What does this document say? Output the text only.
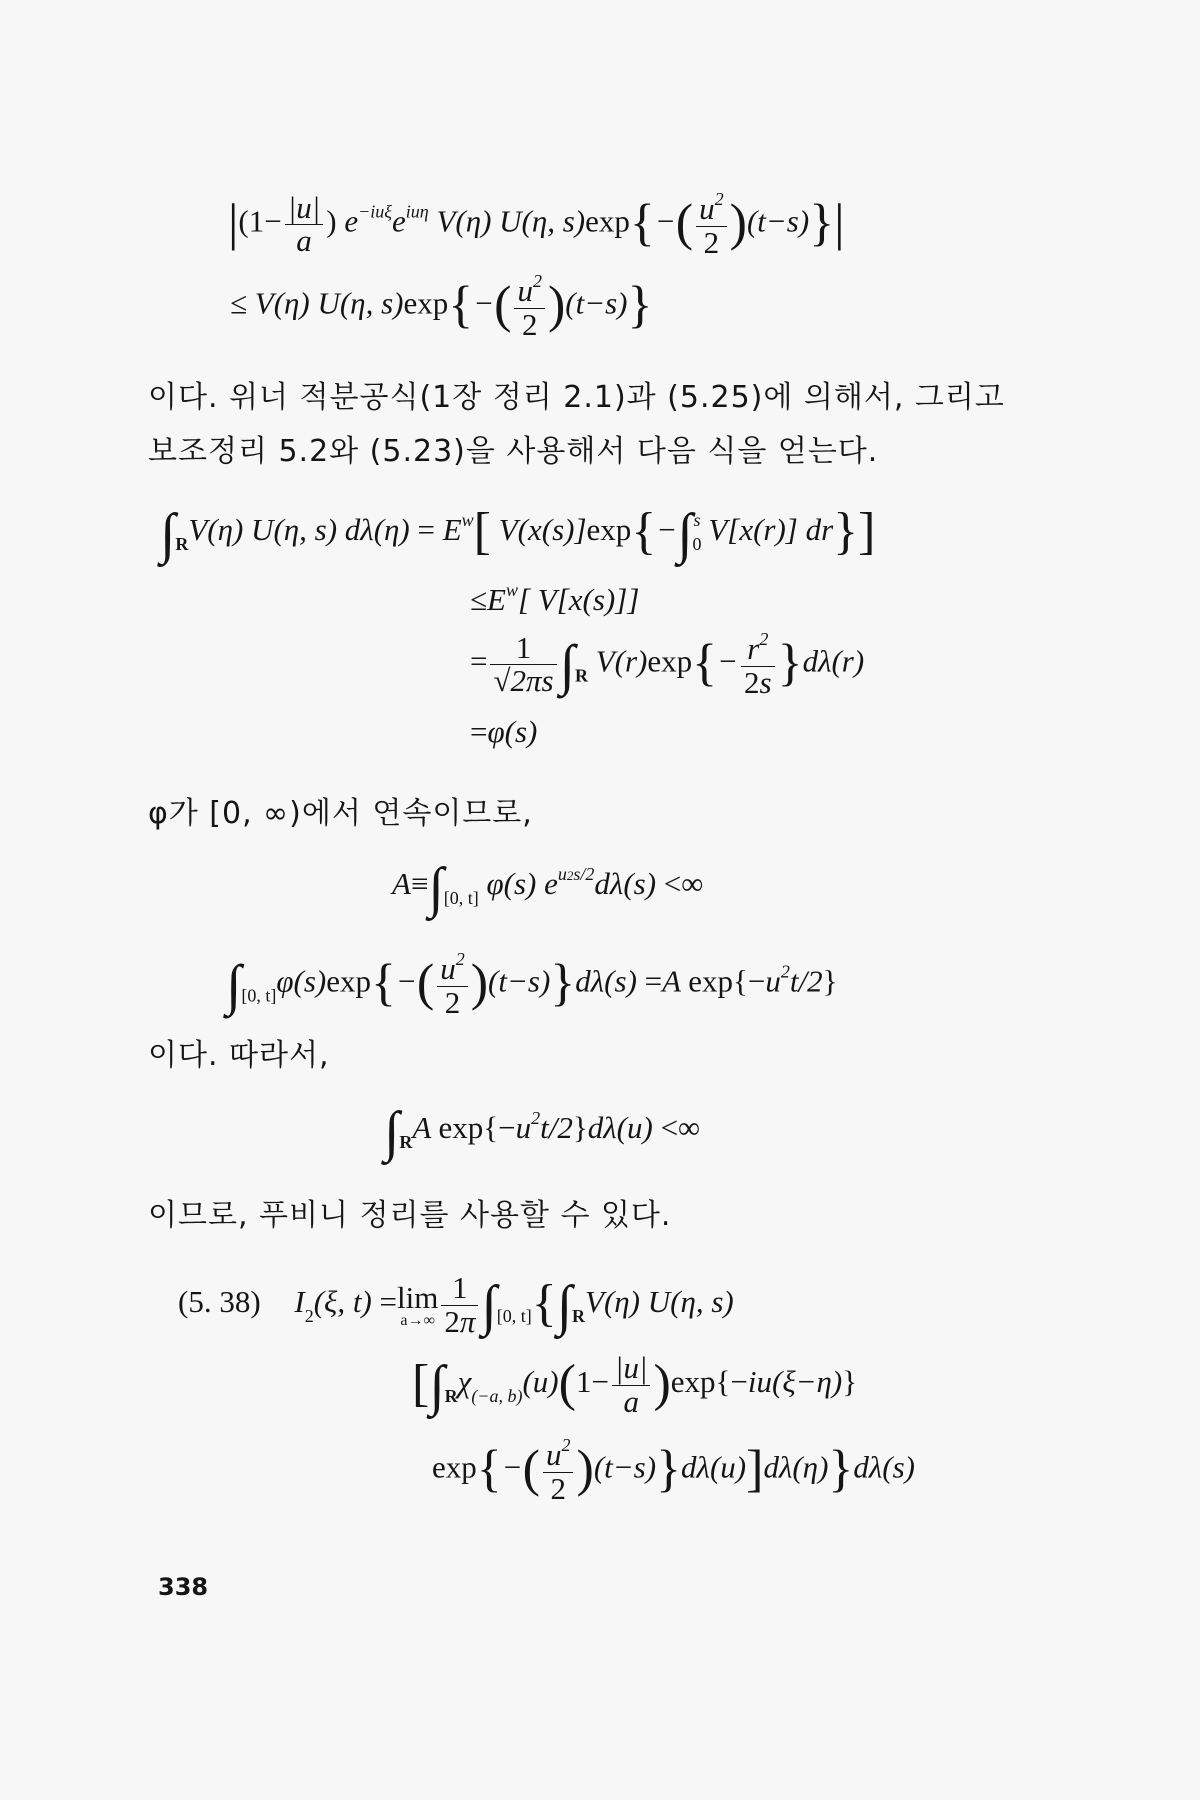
$|(1- \frac{|u|}{a}$ ) $e^{-iu\xi}e^{iu\eta}$ V(η) U(η, $s)\exp\{-( \frac{u^2}{2} )(t-s)\}|$
≤ V(η) U(η, $s)\exp\{-( \frac{u^2}{2} )(t-s)\}$
이다. 위너 적분공식(1장 정리 2.1)과 (5.25)에 의해서, 그리고
보조정리 5.2와 (5.23)을 사용해서 다음 식을 얻는다.
$\int_RV(\eta)$ U(η, s) $d\lambda(\eta) = E^w$[ $V(x(s)]\exp\{-\int_0^s$ V[x(r)] dr}]
$\le E^w$[ V[x(s)]]
= $\frac{1}{√2\pi s} \int_R$ $V(r)\exp\{- \frac{r^2}{2s} \}d\lambda(r)$
=φ(s)
φ가 [0, ∞)에서 연속이므로,
$A\equiv\int_{[0, t]}$ φ(s) $e^{u2s/2}d\lambda(s)$ <∞
$\int_{[0, t]}\varphi(s)\exp\{-( \frac{u^2}{2} )(t-s)\}d\lambda(s) =A$ $\exp\{-u^2t/2\}$
이다. 따라서,
$\int_RA$ $\exp\{-u^2t/2\}d\lambda(u)$ <∞
이므로, 푸비니 정리를 사용할 수 있다.
(5. 38) $I_2(\xi$, t) = lim
$a\to\infty \frac{1}{2\pi} \int_{[0, t]}\{\int_RV(\eta)$ U(η, s)
[$\int_R\chi_{(-a, b)}(u)(1- \frac{|u|}{a} )\exp\{-iu(\xi-\eta)\}$
$\exp\{-( \frac{u^2}{2} )(t-s)\}d\lambda(u)]d\lambda(\eta)\}d\lambda(s)$
338
